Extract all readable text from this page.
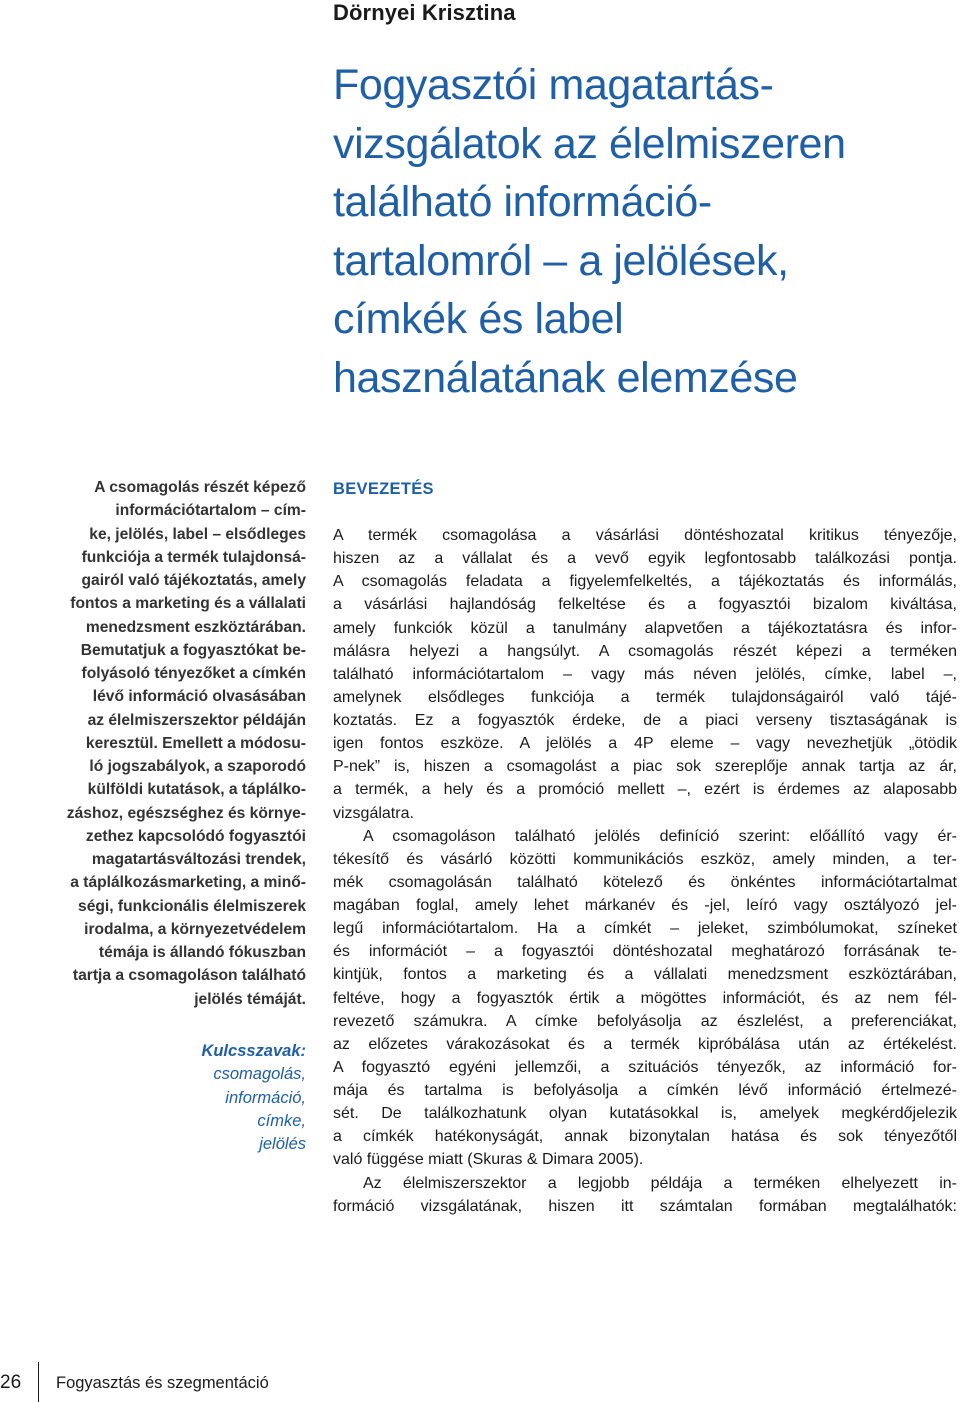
Dörnyei Krisztina
Fogyasztói magatartás-
vizsgálatok az élelmiszeren
található információ-
tartalomról – a jelölések,
címkék és label
használatának elemzése
A csomagolás részét képező
információtartalom – cím-
ke, jelölés, label – elsődleges
funkciója a termék tulajdonsá-
gairól való tájékoztatás, amely
fontos a marketing és a vállalati
menedzsment eszköztárában.
Bemutatjuk a fogyasztókat be-
folyásoló tényezőket a címkén
lévő információ olvasásában
az élelmiszerszektor példáján
keresztül. Emellett a módosu-
ló jogszabályok, a szaporodó
külföldi kutatások, a táplálko-
záshoz, egészséghez és környe-
zethez kapcsolódó fogyasztói
magatartásváltozási trendek,
a táplálkozásmarketing, a minő-
ségi, funkcionális élelmiszerek
irodalma, a környezetvédelem
témája is állandó fókuszban
tartja a csomagoláson található
jelölés témáját.
Kulcsszavak:
csomagolás,
információ,
címke,
jelölés
BEVEZETÉS
A termék csomagolása a vásárlási döntéshozatal kritikus tényezője,
hiszen az a vállalat és a vevő egyik legfontosabb találkozási pontja.
A csomagolás feladata a figyelemfelkeltés, a tájékoztatás és informálás,
a vásárlási hajlandóság felkeltése és a fogyasztói bizalom kiváltása,
amely funkciók közül a tanulmány alapvetően a tájékoztatásra és infor-
málásra helyezi a hangsúlyt. A csomagolás részét képezi a terméken
található információtartalom – vagy más néven jelölés, címke, label –,
amelynek elsődleges funkciója a termék tulajdonságairól való tájé-
koztatás. Ez a fogyasztók érdeke, de a piaci verseny tisztaságának is
igen fontos eszköze. A jelölés a 4P eleme – vagy nevezhetjük „ötödik
P-nek” is, hiszen a csomagolást a piac sok szereplője annak tartja az ár,
a termék, a hely és a promóció mellett –, ezért is érdemes az alaposabb
vizsgálatra.
A csomagoláson található jelölés definíció szerint: előállító vagy ér-
tékesítő és vásárló közötti kommunikációs eszköz, amely minden, a ter-
mék csomagolásán található kötelező és önkéntes információtartalmat
magában foglal, amely lehet márkanév és -jel, leíró vagy osztályozó jel-
legű információtartalom. Ha a címkét – jeleket, szimbólumokat, színeket
és információt – a fogyasztói döntéshozatal meghatározó forrásának te-
kintjük, fontos a marketing és a vállalati menedzsment eszköztárában,
feltéve, hogy a fogyasztók értik a mögöttes információt, és az nem fél-
revezető számukra. A címke befolyásolja az észlelést, a preferenciákat,
az előzetes várakozásokat és a termék kipróbálása után az értékelést.
A fogyasztó egyéni jellemzői, a szituációs tényezők, az információ for-
mája és tartalma is befolyásolja a címkén lévő információ értelmezé-
sét. De találkozhatunk olyan kutatásokkal is, amelyek megkérdőjelezik
a címkék hatékonyságát, annak bizonytalan hatása és sok tényezőtől
való függése miatt (Skuras & Dimara 2005).
Az élelmiszerszektor a legjobb példája a terméken elhelyezett in-
formáció vizsgálatának, hiszen itt számtalan formában megtalálhatók:
26 Fogyasztás és szegmentáció
